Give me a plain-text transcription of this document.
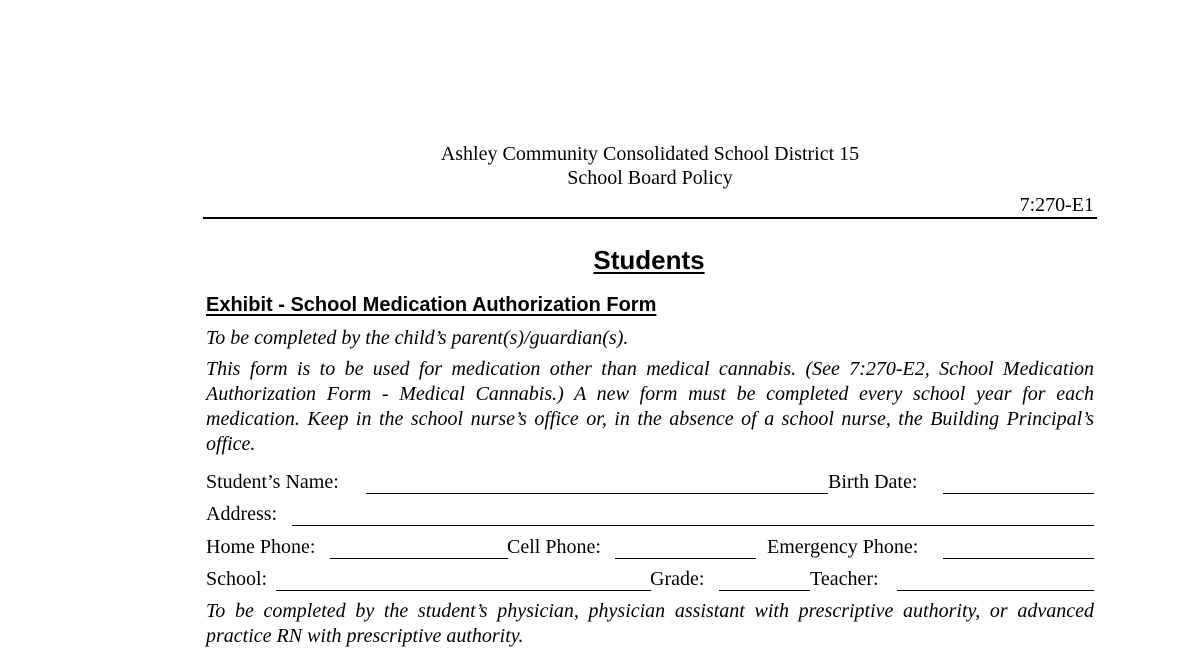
Ashley Community Consolidated School District 15
School Board Policy
7:270-E1
Students
Exhibit - School Medication Authorization Form
To be completed by the child’s parent(s)/guardian(s).
This form is to be used for medication other than medical cannabis. (See 7:270-E2, School Medication Authorization Form - Medical Cannabis.) A new form must be completed every school year for each medication. Keep in the school nurse’s office or, in the absence of a school nurse, the Building Principal’s office.
Student’s Name:	Birth Date:
Address:
Home Phone:	Cell Phone:	Emergency Phone:
School:	Grade:	Teacher:
To be completed by the student’s physician, physician assistant with prescriptive authority, or advanced practice RN with prescriptive authority.
